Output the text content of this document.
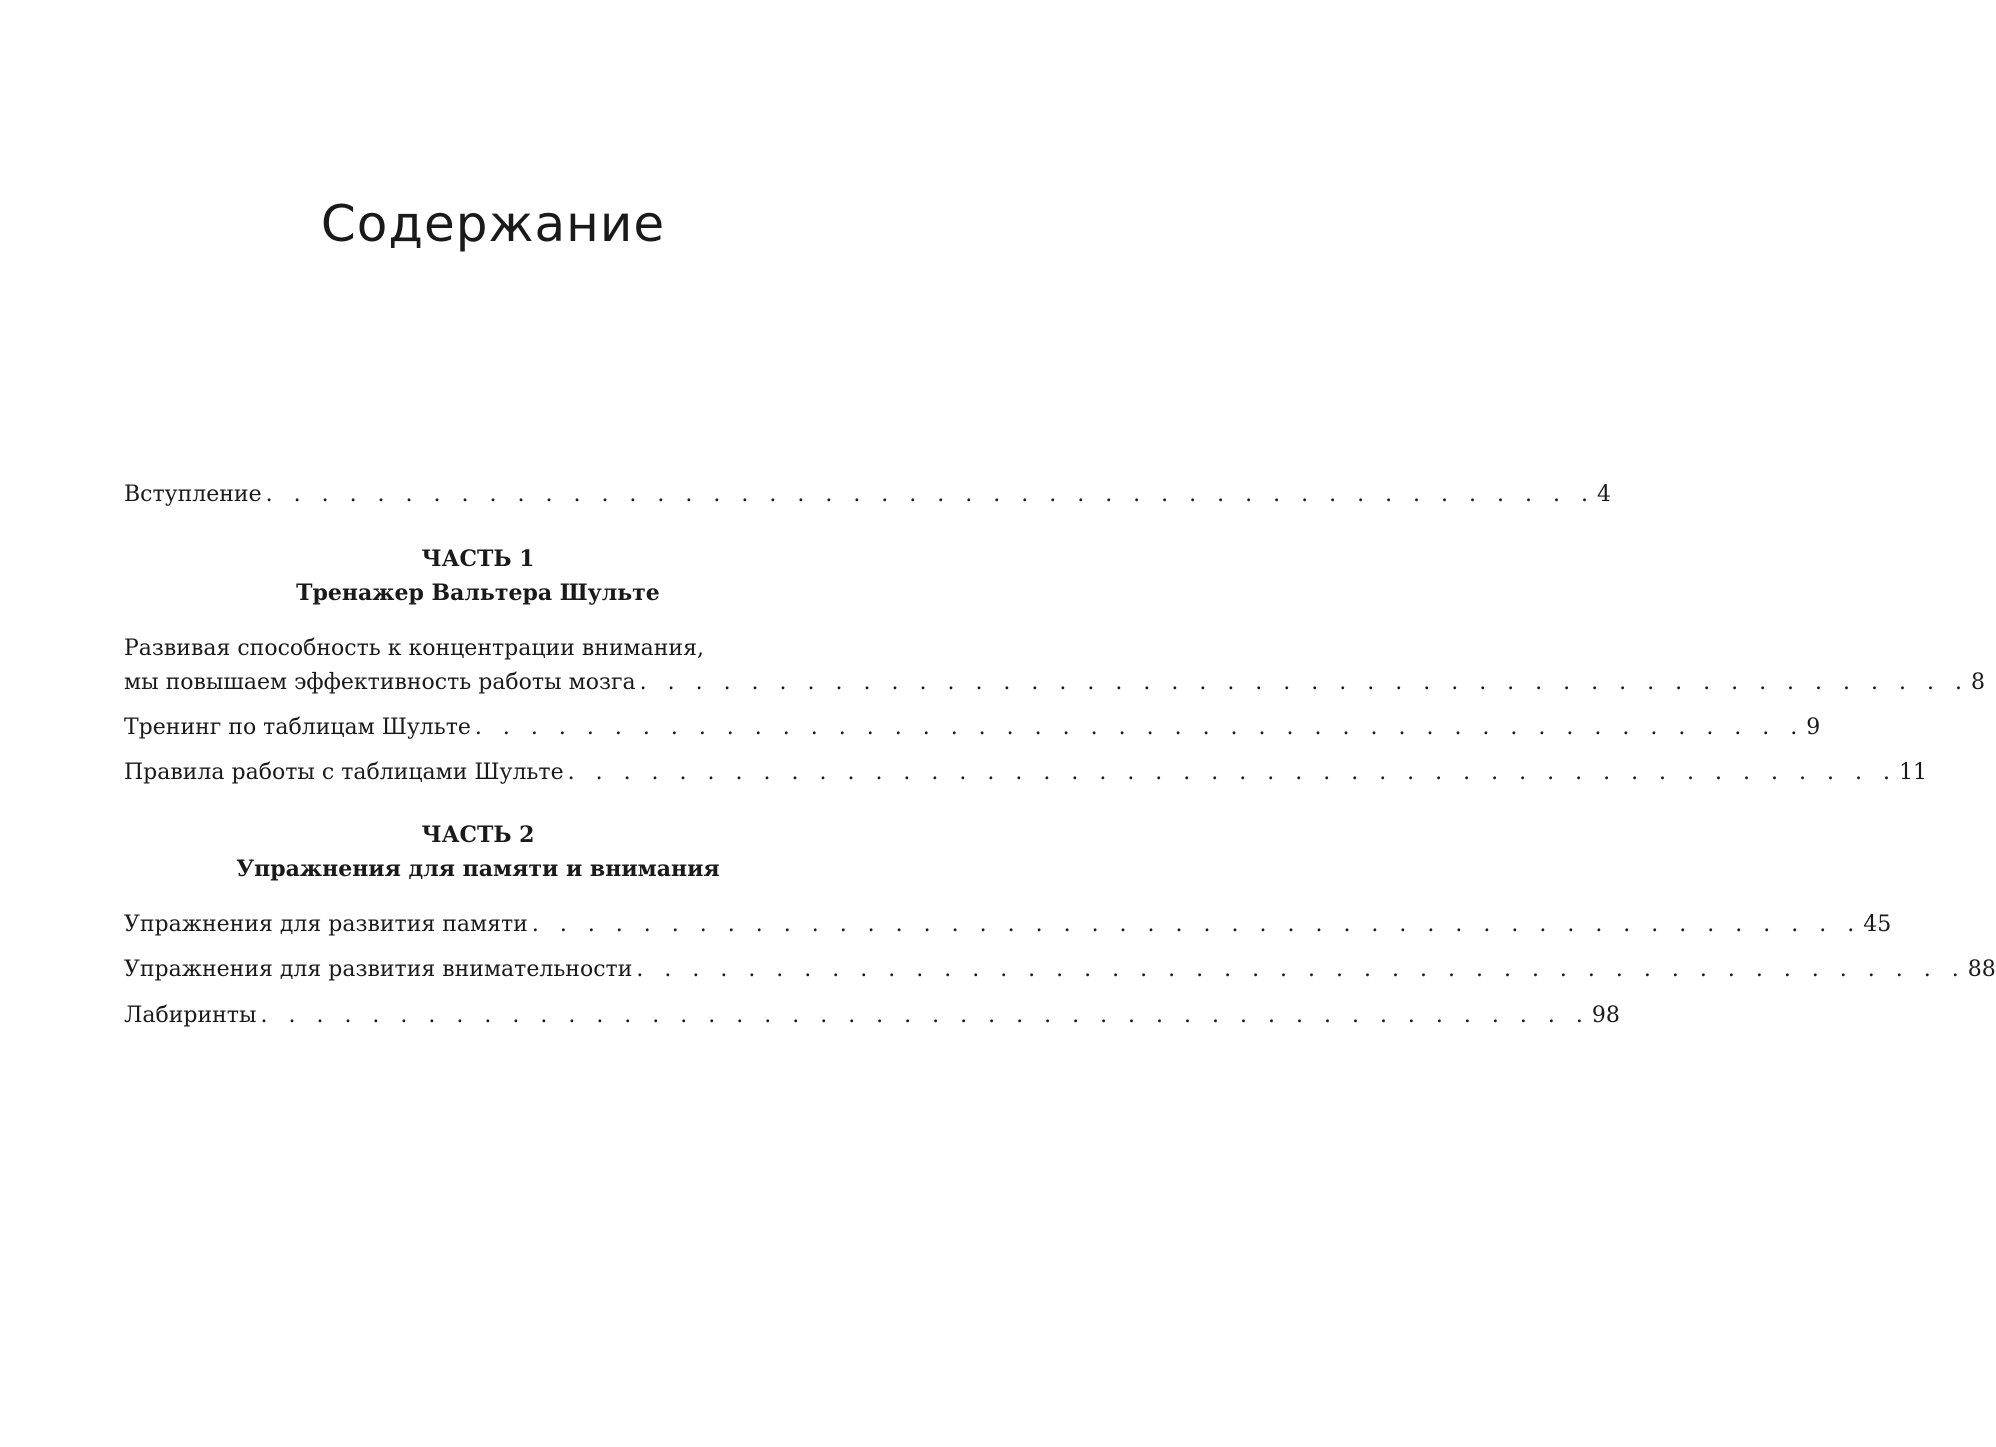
Содержание
Вступление . . . . . . . . . . . . . . . . . . . . . . . . . . . . . . . . . . . . . . . . . . . . . . . . 4
ЧАСТЬ 1
Тренажер Вальтера Шульте
Развивая способность к концентрации внимания,
мы повышаем эффективность работы мозга . . . . . . . . . . . . . . . . . . . . . . . . . . . . . . . . . . . . . . . . . . . . . . . . 8
Тренинг по таблицам Шульте . . . . . . . . . . . . . . . . . . . . . . . . . . . . . . . . . . . . . . . . . . . . . . . . 9
Правила работы с таблицами Шульте . . . . . . . . . . . . . . . . . . . . . . . . . . . . . . . . . . . . . . . . . . . . . . . . 11
ЧАСТЬ 2
Упражнения для памяти и внимания
Упражнения для развития памяти . . . . . . . . . . . . . . . . . . . . . . . . . . . . . . . . . . . . . . . . . . . . . . . . 45
Упражнения для развития внимательности . . . . . . . . . . . . . . . . . . . . . . . . . . . . . . . . . . . . . . . . . . . . . . . . 88
Лабиринты . . . . . . . . . . . . . . . . . . . . . . . . . . . . . . . . . . . . . . . . . . . . . . . . 98
